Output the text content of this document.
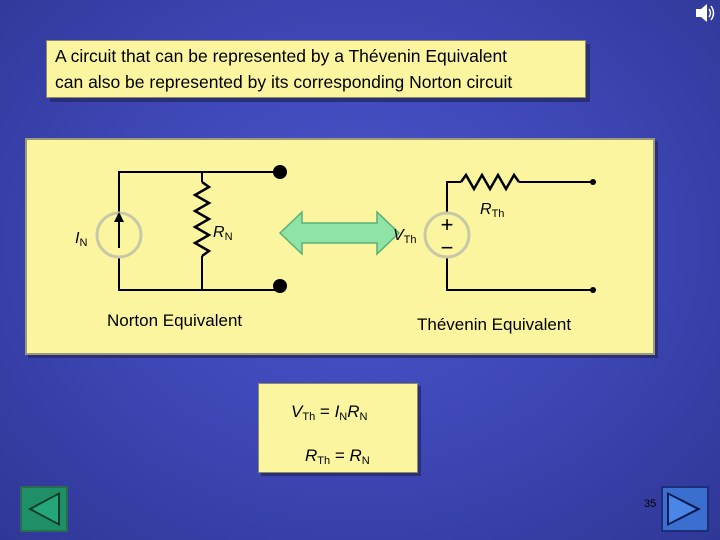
A circuit that can be represented by a Thévenin Equivalent
can also be represented by its corresponding Norton circuit
IN
RN	+
−
VTh
RTh
Norton Equivalent	Thévenin Equivalent
$V_{Th} = I_NR_N$
$R_{Th} = R_N$
35
